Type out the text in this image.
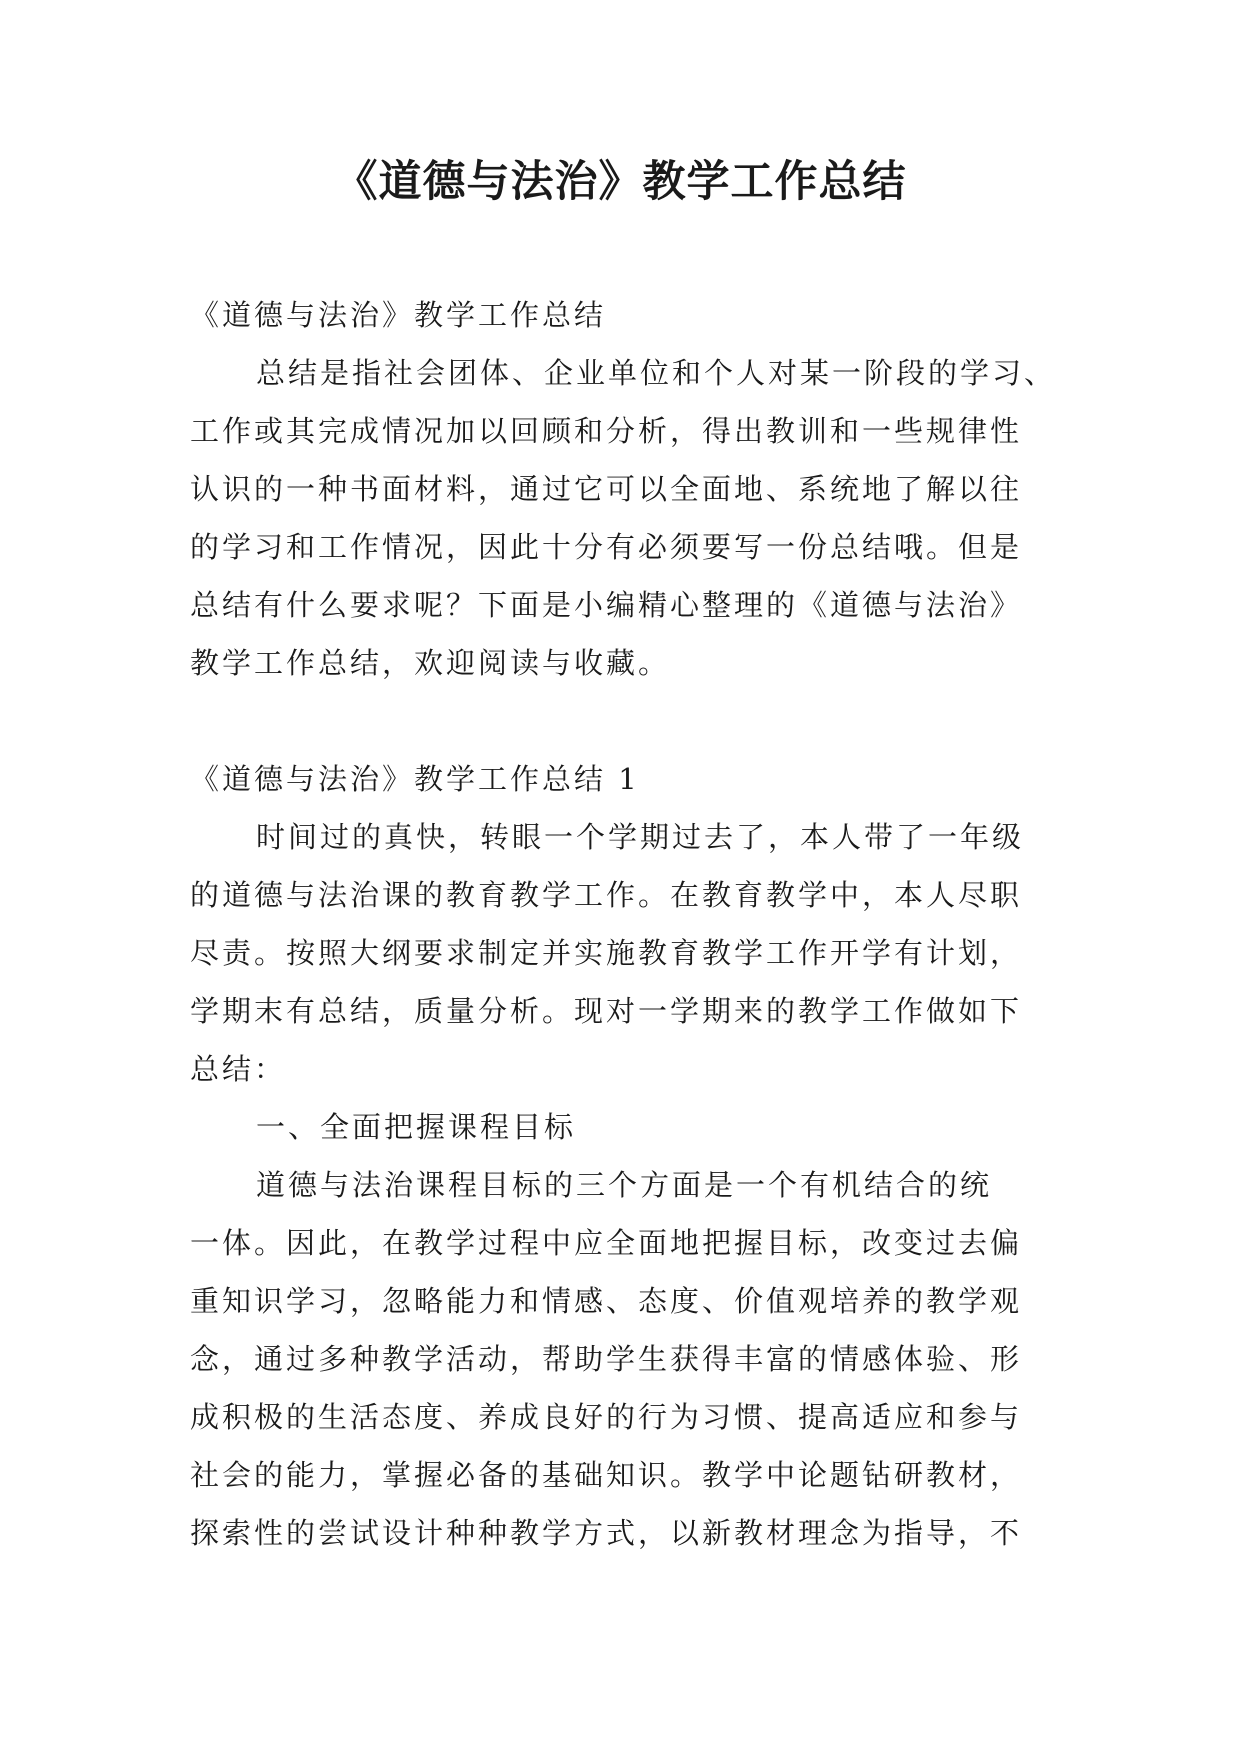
《道德与法治》教学工作总结

《道德与法治》教学工作总结

总结是指社会团体、企业单位和个人对某一阶段的学习、

工作或其完成情况加以回顾和分析，得出教训和一些规律性

认识的一种书面材料，通过它可以全面地、系统地了解以往

的学习和工作情况，因此十分有必须要写一份总结哦。但是

总结有什么要求呢？下面是小编精心整理的《道德与法治》

教学工作总结，欢迎阅读与收藏。

《道德与法治》教学工作总结 1

时间过的真快，转眼一个学期过去了，本人带了一年级

的道德与法治课的教育教学工作。在教育教学中，本人尽职

尽责。按照大纲要求制定并实施教育教学工作开学有计划，

学期末有总结，质量分析。现对一学期来的教学工作做如下

总结：

一、全面把握课程目标

道德与法治课程目标的三个方面是一个有机结合的统

一体。因此，在教学过程中应全面地把握目标，改变过去偏

重知识学习，忽略能力和情感、态度、价值观培养的教学观

念，通过多种教学活动，帮助学生获得丰富的情感体验、形

成积极的生活态度、养成良好的行为习惯、提高适应和参与

社会的能力，掌握必备的基础知识。教学中论题钻研教材，

探索性的尝试设计种种教学方式，以新教材理念为指导，不
